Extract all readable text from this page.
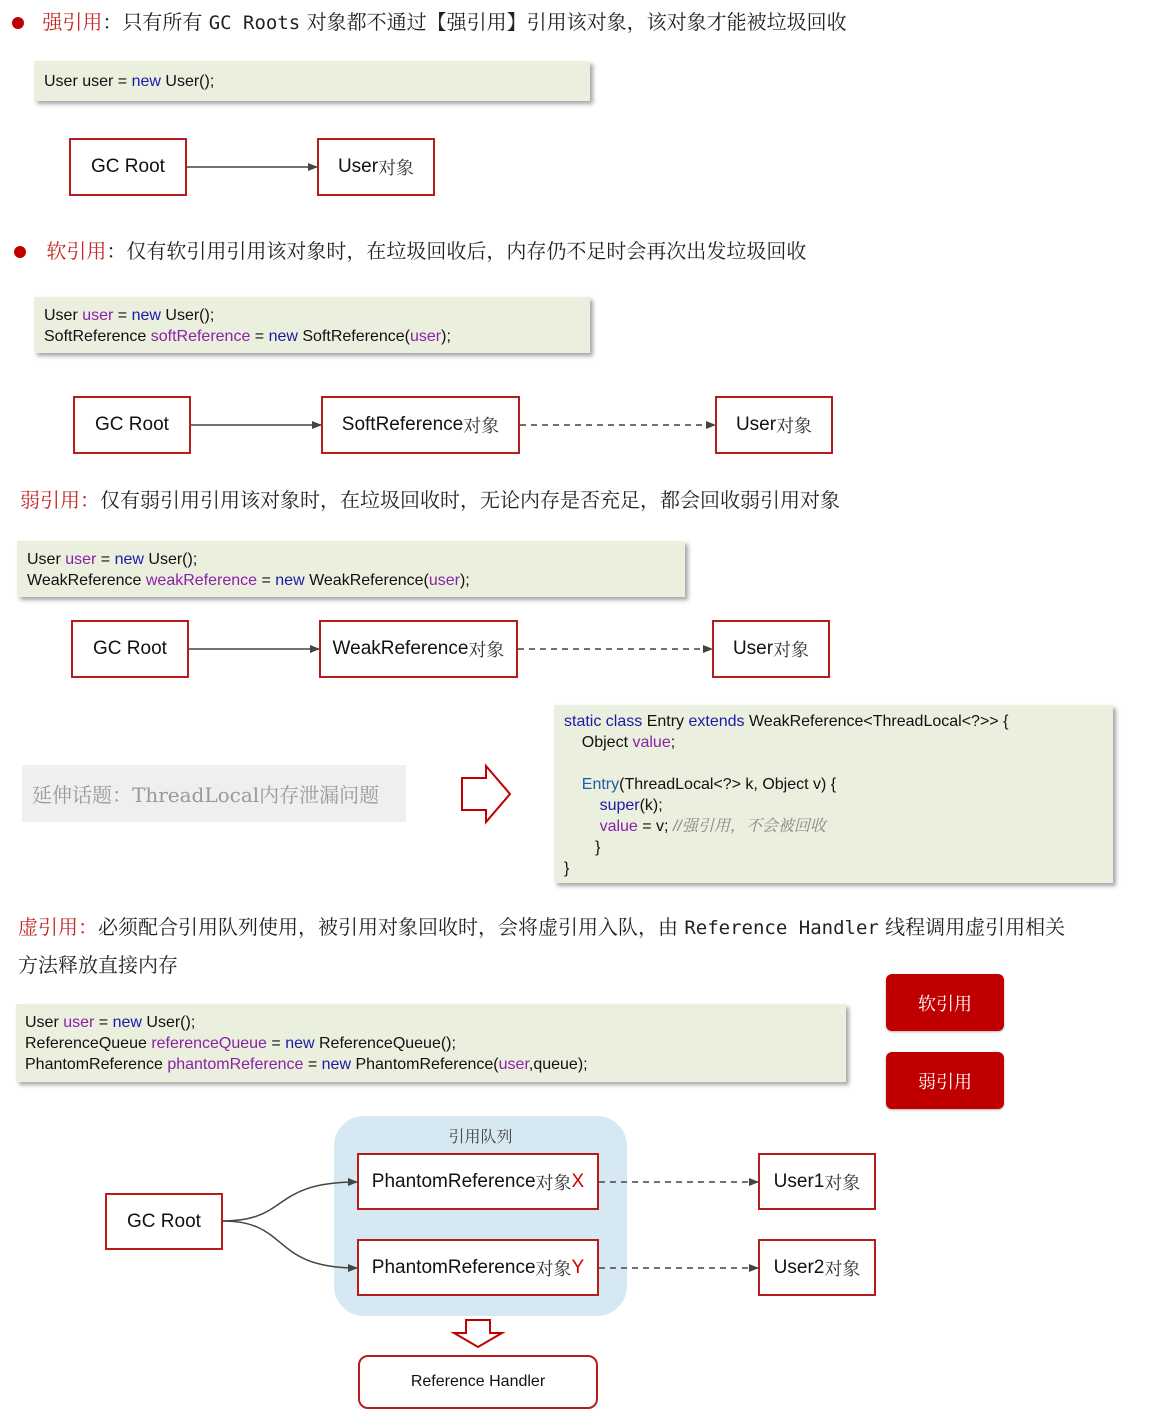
强引用：只有所有 GC Roots 对象都不通过【强引用】引用该对象，该对象才能被垃圾回收
User user = new User();
GC Root	User 对象
软引用：仅有软引用引用该对象时，在垃圾回收后，内存仍不足时会再次出发垃圾回收
User user = new User();
SoftReference softReference = new SoftReference(user);
GC Root	SoftReference 对象	User 对象
弱引用：仅有弱引用引用该对象时，在垃圾回收时，无论内存是否充足，都会回收弱引用对象
User user = new User();
WeakReference weakReference = new WeakReference(user);
GC Root	WeakReference 对象	User 对象
延伸话题：ThreadLocal内存泄漏问题
static class Entry extends WeakReference<ThreadLocal<?>> {
Object value;

Entry(ThreadLocal<?> k, Object v) {
super(k);
value = v; //强引用，不会被回收
}
}
虚引用：必须配合引用队列使用，被引用对象回收时，会将虚引用入队，由 Reference Handler 线程调用虚引用相关
方法释放直接内存
软引用
弱引用
User user = new User();
ReferenceQueue referenceQueue = new ReferenceQueue();
PhantomReference phantomReference = new PhantomReference(user,queue);
引用队列
GC Root
PhantomReference 对象 X
PhantomReference 对象 Y
User1 对象
User2 对象
Reference Handler
